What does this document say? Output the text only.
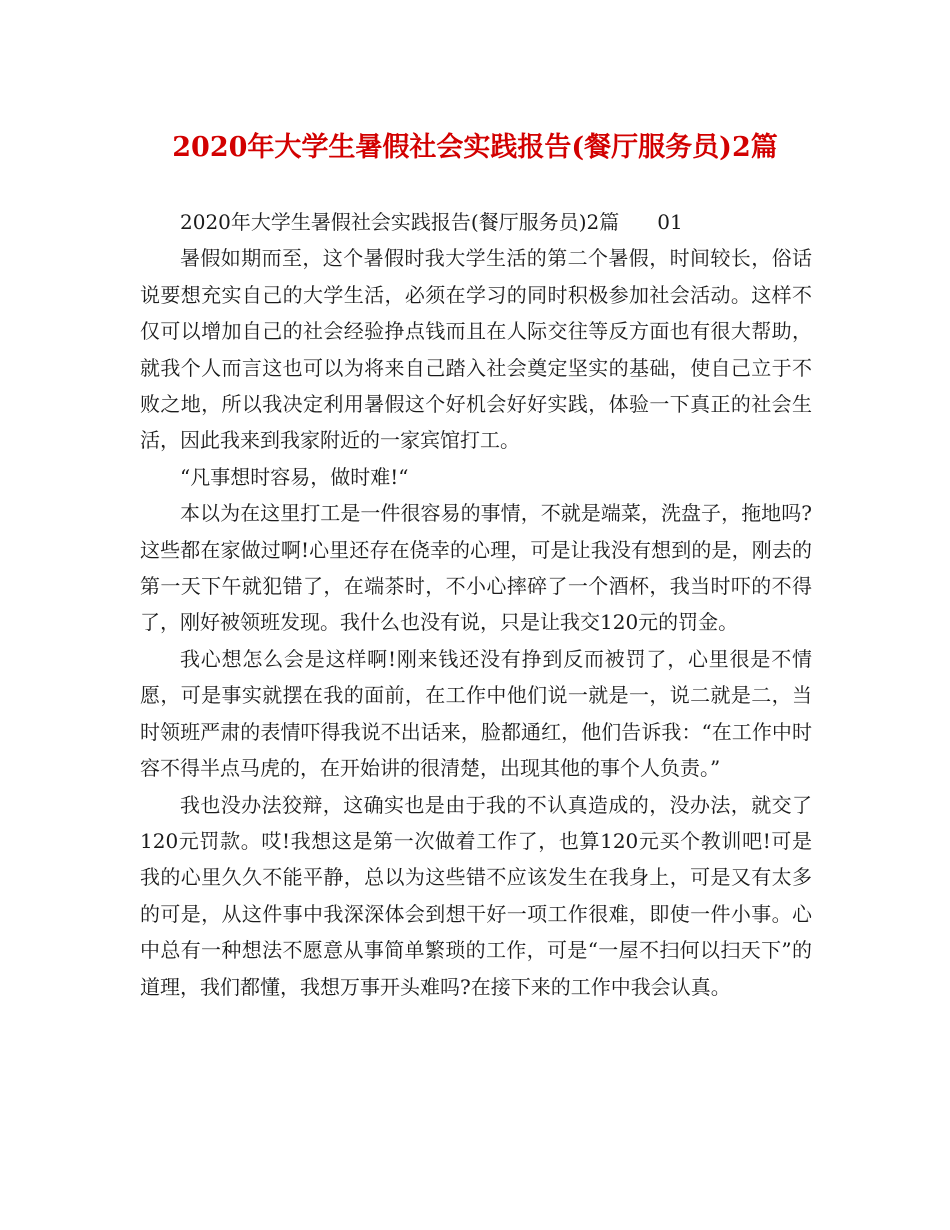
2020年大学生暑假社会实践报告(餐厅服务员)2篇

2020年大学生暑假社会实践报告(餐厅服务员)2篇 01

暑假如期而至，这个暑假时我大学生活的第二个暑假，时间较长，俗话说要想充实自己的大学生活，必须在学习的同时积极参加社会活动。这样不仅可以增加自己的社会经验挣点钱而且在人际交往等反方面也有很大帮助，就我个人而言这也可以为将来自己踏入社会奠定坚实的基础，使自己立于不败之地，所以我决定利用暑假这个好机会好好实践，体验一下真正的社会生活，因此我来到我家附近的一家宾馆打工。

“凡事想时容易，做时难!“

本以为在这里打工是一件很容易的事情，不就是端菜，洗盘子，拖地吗?这些都在家做过啊!心里还存在侥幸的心理，可是让我没有想到的是，刚去的第一天下午就犯错了，在端茶时，不小心摔碎了一个酒杯，我当时吓的不得了，刚好被领班发现。我什么也没有说，只是让我交120元的罚金。

我心想怎么会是这样啊!刚来钱还没有挣到反而被罚了，心里很是不情愿，可是事实就摆在我的面前，在工作中他们说一就是一，说二就是二，当时领班严肃的表情吓得我说不出话来，脸都通红，他们告诉我：“在工作中时容不得半点马虎的，在开始讲的很清楚，出现其他的事个人负责。”

我也没办法狡辩，这确实也是由于我的不认真造成的，没办法，就交了120元罚款。哎!我想这是第一次做着工作了，也算120元买个教训吧!可是我的心里久久不能平静，总以为这些错不应该发生在我身上，可是又有太多的可是，从这件事中我深深体会到想干好一项工作很难，即使一件小事。心中总有一种想法不愿意从事简单繁琐的工作，可是“一屋不扫何以扫天下”的道理，我们都懂，我想万事开头难吗?在接下来的工作中我会认真。
